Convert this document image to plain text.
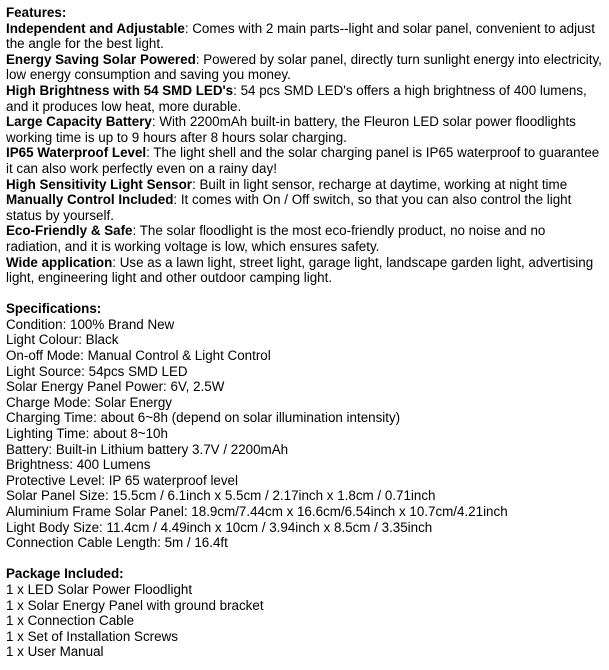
Features:

Independent and Adjustable: Comes with 2 main parts--light and solar panel, convenient to adjust the angle for the best light.

Energy Saving Solar Powered: Powered by solar panel, directly turn sunlight energy into electricity, low energy consumption and saving you money.

High Brightness with 54 SMD LED's: 54 pcs SMD LED's offers a high brightness of 400 lumens, and it produces low heat, more durable.

Large Capacity Battery: With 2200mAh built-in battery, the Fleuron LED solar power floodlights working time is up to 9 hours after 8 hours solar charging.

IP65 Waterproof Level: The light shell and the solar charging panel is IP65 waterproof to guarantee it can also work perfectly even on a rainy day!

High Sensitivity Light Sensor: Built in light sensor, recharge at daytime, working at night time

Manually Control Included: It comes with On / Off switch, so that you can also control the light status by yourself.

Eco-Friendly & Safe: The solar floodlight is the most eco-friendly product, no noise and no radiation, and it is working voltage is low, which ensures safety.

Wide application: Use as a lawn light, street light, garage light, landscape garden light, advertising light, engineering light and other outdoor camping light.

Specifications:

Condition: 100% Brand New

Light Colour: Black

On-off Mode: Manual Control & Light Control

Light Source: 54pcs SMD LED

Solar Energy Panel Power: 6V, 2.5W

Charge Mode: Solar Energy

Charging Time: about 6~8h (depend on solar illumination intensity)

Lighting Time: about 8~10h

Battery: Built-in Lithium battery 3.7V / 2200mAh

Brightness: 400 Lumens

Protective Level: IP 65 waterproof level

Solar Panel Size: 15.5cm / 6.1inch x 5.5cm / 2.17inch x 1.8cm / 0.71inch

Aluminium Frame Solar Panel: 18.9cm/7.44cm x 16.6cm/6.54inch x 10.7cm/4.21inch

Light Body Size: 11.4cm / 4.49inch x 10cm / 3.94inch x 8.5cm / 3.35inch

Connection Cable Length: 5m / 16.4ft

Package Included:

1 x LED Solar Power Floodlight

1 x Solar Energy Panel with ground bracket

1 x Connection Cable

1 x Set of Installation Screws

1 x User Manual
